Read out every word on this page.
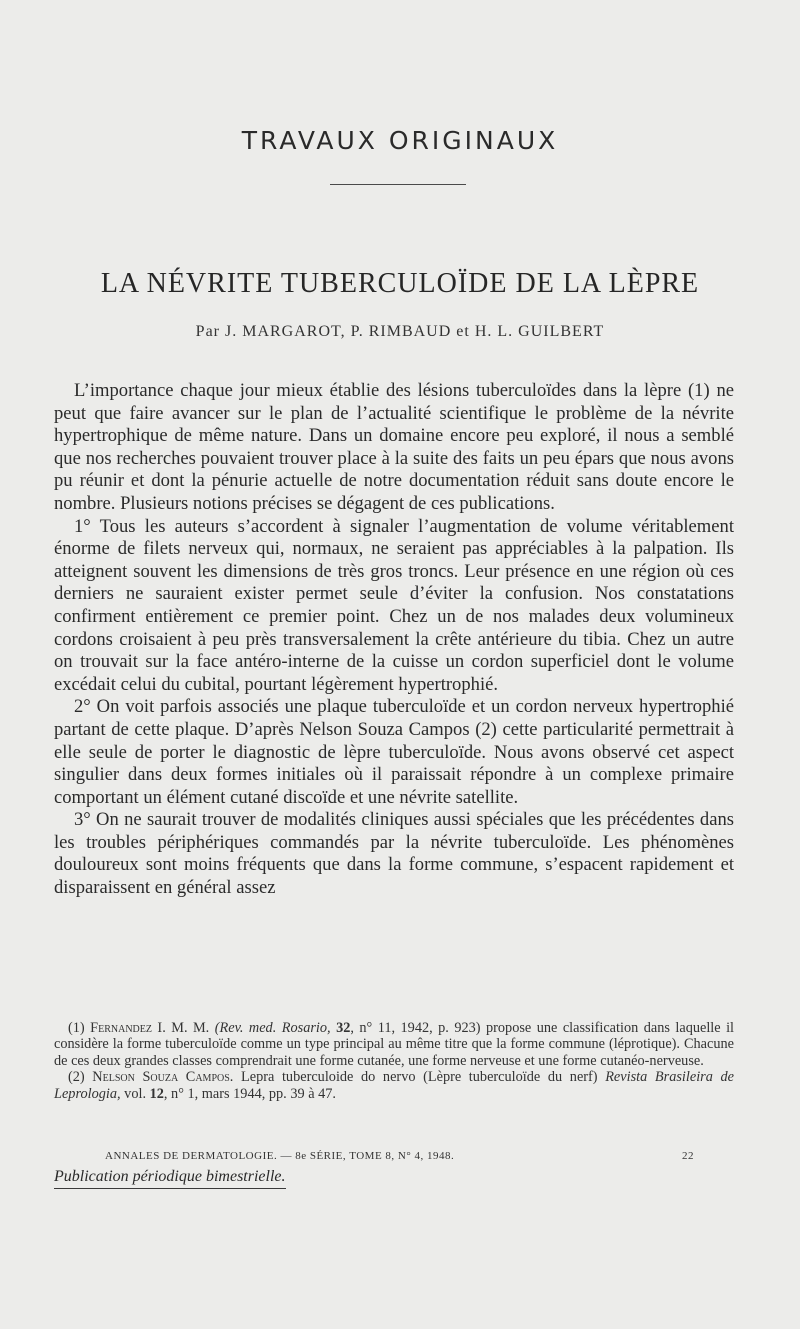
TRAVAUX ORIGINAUX
LA NÉVRITE TUBERCULOÏDE DE LA LÈPRE
Par J. MARGAROT, P. RIMBAUD et H. L. GUILBERT

L’importance chaque jour mieux établie des lésions tuberculoïdes dans la lèpre (1) ne peut que faire avancer sur le plan de l’actualité scientifique le problème de la névrite hypertrophique de même nature. Dans un domaine encore peu exploré, il nous a semblé que nos recherches pouvaient trouver place à la suite des faits un peu épars que nous avons pu réunir et dont la pénurie actuelle de notre documentation réduit sans doute encore le nombre. Plusieurs notions précises se dégagent de ces publications.

1° Tous les auteurs s’accordent à signaler l’augmentation de volume véritablement énorme de filets nerveux qui, normaux, ne seraient pas appréciables à la palpation. Ils atteignent souvent les dimensions de très gros troncs. Leur présence en une région où ces derniers ne sauraient exister permet seule d’éviter la confusion. Nos constatations confirment entièrement ce premier point. Chez un de nos malades deux volumineux cordons croisaient à peu près transversalement la crête antérieure du tibia. Chez un autre on trouvait sur la face antéro-interne de la cuisse un cordon superficiel dont le volume excédait celui du cubital, pourtant légèrement hypertrophié.

2° On voit parfois associés une plaque tuberculoïde et un cordon nerveux hypertrophié partant de cette plaque. D’après Nelson Souza Campos (2) cette particularité permettrait à elle seule de porter le diagnostic de lèpre tuberculoïde. Nous avons observé cet aspect singulier dans deux formes initiales où il paraissait répondre à un complexe primaire comportant un élément cutané discoïde et une névrite satellite.

3° On ne saurait trouver de modalités cliniques aussi spéciales que les précédentes dans les troubles périphériques commandés par la névrite tuberculoïde. Les phénomènes douloureux sont moins fréquents que dans la forme commune, s’espacent rapidement et disparaissent en général assez

(1) Fernandez I. M. M. (Rev. med. Rosario, 32, n° 11, 1942, p. 923) propose une classification dans laquelle il considère la forme tuberculoïde comme un type principal au même titre que la forme commune (léprotique). Chacune de ces deux grandes classes comprendrait une forme cutanée, une forme nerveuse et une forme cutanéo-nerveuse.

(2) Nelson Souza Campos. Lepra tuberculoide do nervo (Lèpre tuberculoïde du nerf) Revista Brasileira de Leprologia, vol. 12, n° 1, mars 1944, pp. 39 à 47.

ANNALES DE DERMATOLOGIE. — 8e SÉRIE, TOME 8, N° 4, 1948.	22
Publication périodique bimestrielle.
